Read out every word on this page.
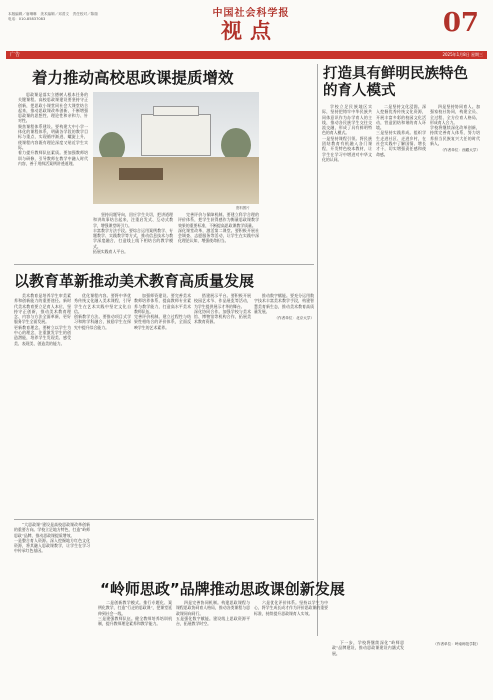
本版编辑／唐琳琳　美术编辑／邓普文　责任校对／陈瑞
电话：010-85837083	中国社会科学报
视点	07
广告	2025年1月8日 星期三
着力推动高校思政课提质增效

思政课是落实立德树人根本任务的关键课程。高校思政课建设要坚持守正创新，把思政小课堂同社会大课堂结合起来，推动思政课改革创新，不断增强思政课的思想性、理论性和亲和力、针对性。
聚焦课程体系建设。要构建大中小学一体化的课程体系，明确各学段的教学目标与重点，实现循序渐进、螺旋上升，使课程内容既有理论深度又贴近学生实际。
着力提升教师队伍素质。要加强教师培训与研修，引导教师在教学中融入时代内容，善于用鲜活案例讲透道理。

资料图片

坚持问题导向，回应学生关切，把讲道理和讲故事结合起来，注重启发式、互动式教学，增强课堂吸引力。
丰富教学方法手段。要综合运用案例教学、专题教学、实践教学等方式，推动信息技术与教学深度融合，打造线上线下相结合的教学模式。
拓展实践育人平台。

完善评价与保障机制。要建立科学合理的评价体系，把学生获得感作为衡量思政课教学效果的重要标准，不断提高思政课教学质量。
深化课堂改革，激活第二课堂。要积极开展社会调查、志愿服务等活动，让学生在实践中深化理论认知，增强使命担当。

打造具有鲜明民族特色的育人模式

学校立足民族地区实际，坚持把铸牢中华民族共同体意识作为办学育人的主线，推动各民族学生交往交流交融，形成了具有鲜明特色的育人模式。
一是坚持课程引领。将民族团结教育有机融入各门课程，开发特色校本教材，让学生在学习中增进对中华文化的认同。

二是坚持文化浸润。深入挖掘优秀传统文化资源，开展丰富多彩的校园文化活动，营造团结和谐的育人环境。
三是坚持实践养成。组织学生走进社区、走进乡村，在社会实践中了解国情、增长才干，切实增强责任感和使命感。

四是坚持协同育人。加强家校社协同，构建全员、全过程、全方位育人格局，形成育人合力。
学校将继续深化改革创新，持续完善育人体系，努力培养担当民族复兴大任的时代新人。

（作者单位：西藏大学）
以教育革新推动美术教育高质量发展

美术教育是培养学生审美素养和创新能力的重要途径。新时代美术教育要立足育人本位，坚持守正创新，推动美术教育理念、内容与方法全面革新，更好服务学生全面发展。
更新教育理念。要树立以学生为中心的理念，注重激发学生的创造潜能，培养学生发现美、感受美、表现美、创造美的能力。

优化课程内容。要将中华优秀传统文化融入美术课程，引导学生在艺术实践中坚定文化自信。
创新教学方法。要推动项目式学习和跨学科融合，鼓励学生在探究中提升综合能力。

加强师资建设。要完善美术教师培养体系，提高教师专业素养与教学能力，打造高水平美术教师队伍。
完善评价机制。建立过程性与结果性相结合的评价体系，全面反映学生的艺术素养。

搭建展示平台。要积极开展校园艺术节、作品展览等活动，为学生提供展示才华的舞台。
深化协同合作。加强学校与美术馆、博物馆等机构合作，拓展美术教育资源。

推动数字赋能。要充分运用数字技术丰富美术教学手段，构建智慧美育新生态，推动美术教育高质量发展。

（作者单位：北京大学）
“岭师思政”品牌推动思政课创新发展

“大思政课”建设是高校思政课改革创新的重要方向。学校立足地方特色，打造“岭师思政”品牌，推动思政课提质增效。
一是整合育人资源。深入挖掘地方红色文化资源，将其融入思政课教学，让学生在学习中传承红色基因。

二是创新教学模式。推行专题化、案例化教学，打造“行走的思政课”，把课堂延伸到社会一线。
三是建强教师队伍。健全教师培养培训机制，提升教师理论素养和教学能力。

四是完善协同机制。构建思政课程与课程思政协同育人格局，推动各类课程与思政课同向同行。
五是强化数字赋能。建设线上思政资源平台，拓展教学时空。

六是优化评价体系。坚持以学生为中心，将学生成长成才作为评价思政课的重要标准，持续提升思政课育人实效。

下一步，学校将继续深化“岭师思政”品牌建设，推动思政课建设内涵式发展。

（作者单位：岭南师范学院）
